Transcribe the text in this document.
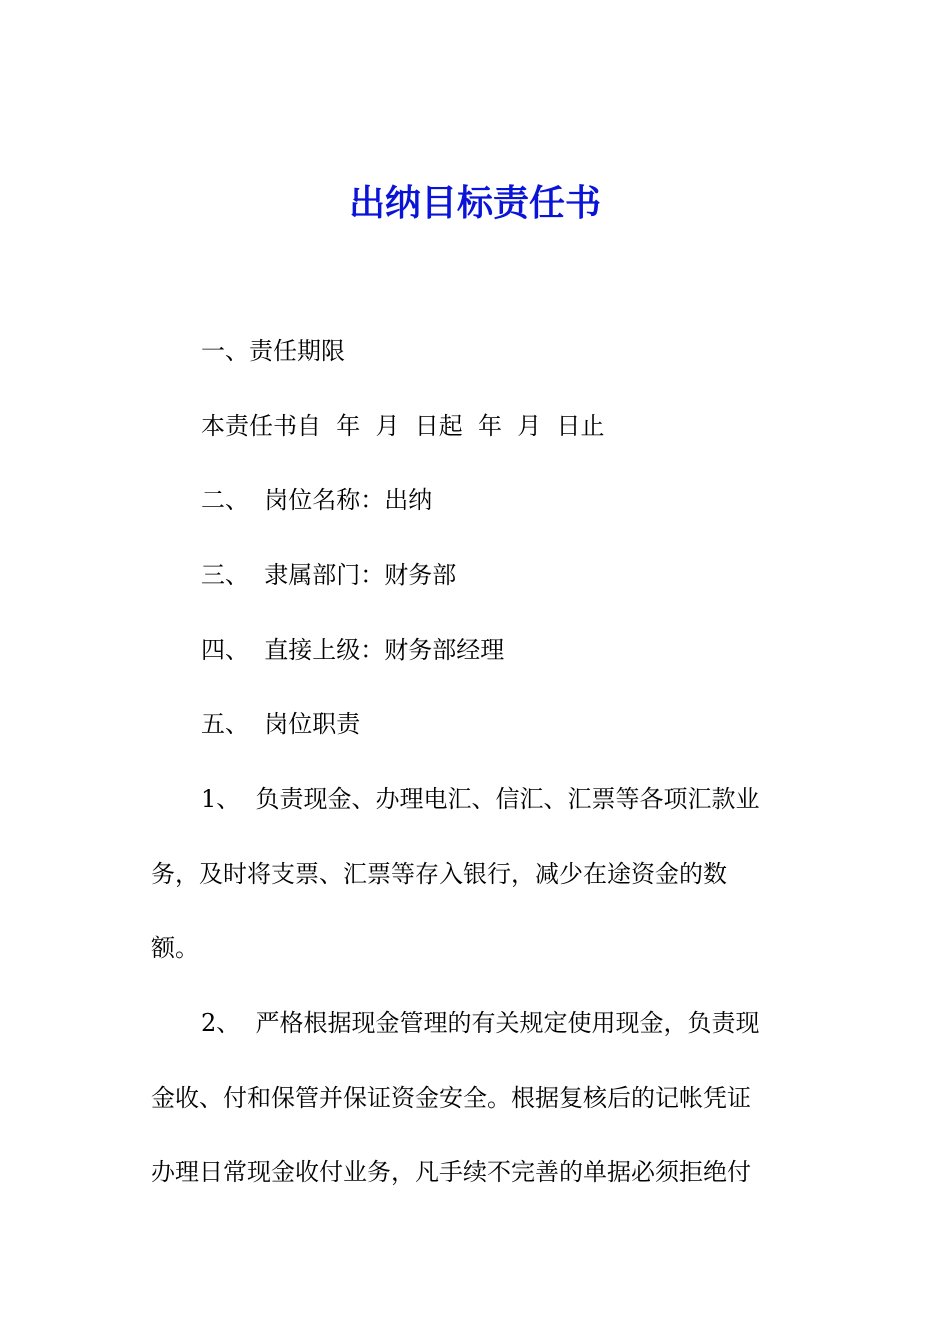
出纳目标责任书
一、责任期限
本责任书自  年  月  日起  年  月  日止
二、  岗位名称：出纳
三、  隶属部门：财务部
四、  直接上级：财务部经理
五、  岗位职责
1、  负责现金、办理电汇、信汇、汇票等各项汇款业
务，及时将支票、汇票等存入银行，减少在途资金的数
额。
2、  严格根据现金管理的有关规定使用现金，负责现
金收、付和保管并保证资金安全。根据复核后的记帐凭证
办理日常现金收付业务，凡手续不完善的单据必须拒绝付
